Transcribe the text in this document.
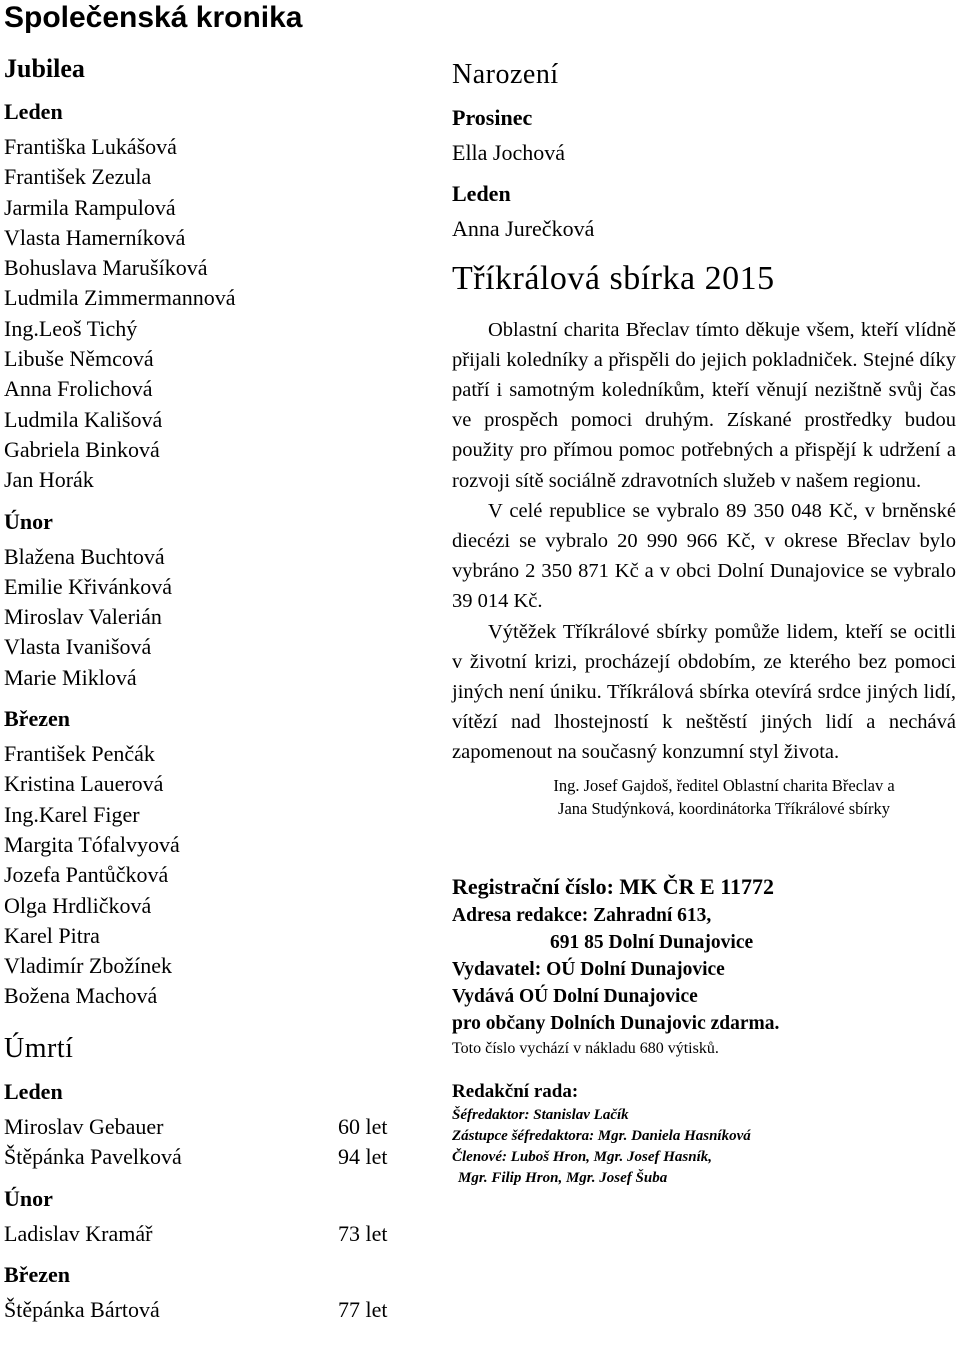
Společenská kronika
Jubilea
Leden
Františka Lukášová
František Zezula
Jarmila Rampulová
Vlasta Hamerníková
Bohuslava Marušíková
Ludmila Zimmermannová
Ing.Leoš Tichý
Libuše Němcová
Anna Frolichová
Ludmila Kališová
Gabriela Binková
Jan Horák
Únor
Blažena Buchtová
Emilie Křivánková
Miroslav Valerián
Vlasta Ivanišová
Marie Miklová
Březen
František Penčák
Kristina Lauerová
Ing.Karel Figer
Margita Tófalvyová
Jozefa Pantůčková
Olga Hrdličková
Karel Pitra
Vladimír Zbožínek
Božena Machová
Úmrtí
Leden
Miroslav Gebauer	60 let
Štěpánka Pavelková	94 let
Únor
Ladislav Kramář	73 let
Březen
Štěpánka Bártová	77 let
Narození
Prosinec
Ella Jochová
Leden
Anna Jurečková
Tříkrálová sbírka 2015

Oblastní charita Břeclav tímto děkuje všem, kteří vlídně přijali koledníky a přispěli do jejich pokladniček. Stejné díky patří i samotným koledníkům, kteří věnují nezištně svůj čas ve prospěch pomoci druhým. Získané prostředky budou použity pro přímou pomoc potřebných a přispějí k udržení a rozvoji sítě sociálně zdravotních služeb v našem regionu.

V celé republice se vybralo 89 350 048 Kč, v brněnské diecézi se vybralo 20 990 966 Kč, v okrese Břeclav bylo vybráno 2 350 871 Kč a v obci Dolní Dunajovice se vybralo 39 014 Kč.

Výtěžek Tříkrálové sbírky pomůže lidem, kteří se ocitli v životní krizi, procházejí obdobím, ze kterého bez pomoci jiných není úniku. Tříkrálová sbírka otevírá srdce jiných lidí, vítězí nad lhostejností k neštěstí jiných lidí a nechává zapomenout na současný konzumní styl života.

Ing. Josef Gajdoš, ředitel Oblastní charita Břeclav a
Jana Studýnková, koordinátorka Tříkrálové sbírky
Registrační číslo: MK ČR E 11772
Adresa redakce: Zahradní 613,
691 85 Dolní Dunajovice
Vydavatel: OÚ Dolní Dunajovice
Vydává OÚ Dolní Dunajovice
pro občany Dolních Dunajovic zdarma.
Toto číslo vychází v nákladu 680 výtisků.
Redakční rada:
Šéfredaktor: Stanislav Lačík
Zástupce šéfredaktora: Mgr. Daniela Hasníková
Členové: Luboš Hron, Mgr. Josef Hasník,
Mgr. Filip Hron, Mgr. Josef Šuba
